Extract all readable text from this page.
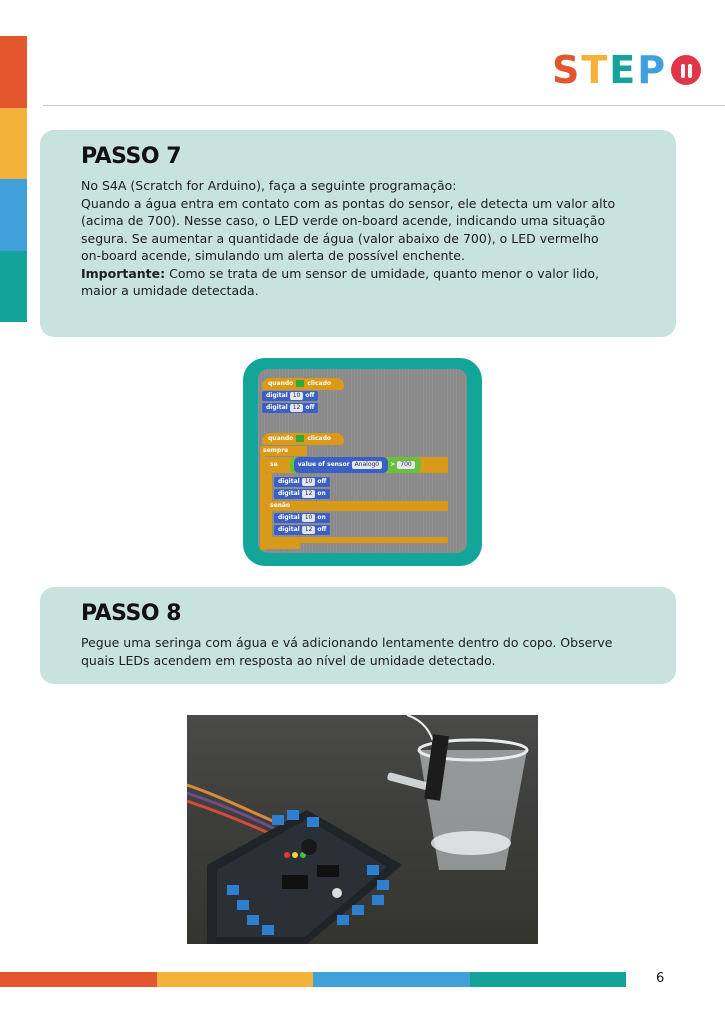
STEP
PASSO 7

No S4A (Scratch for Arduino), faça a seguinte programação:
Quando a água entra em contato com as pontas do sensor, ele detecta um valor alto
(acima de 700). Nesse caso, o LED verde on-board acende, indicando uma situação
segura. Se aumentar a quantidade de água (valor abaixo de 700), o LED vermelho
on-board acende, simulando um alerta de possível enchente.
Importante: Como se trata de um sensor de umidade, quanto menor o valor lido,
maior a umidade detectada.

quando clicado
digital 10 off
digital 12 off
quando clicado
sempre
se	value of sensor Analog0 > 700
digital 10 off
digital 12 on
senão
digital 10 on
digital 12 off
PASSO 8

Pegue uma seringa com água e vá adicionando lentamente dentro do copo. Observe
quais LEDs acendem em resposta ao nível de umidade detectado.

6
